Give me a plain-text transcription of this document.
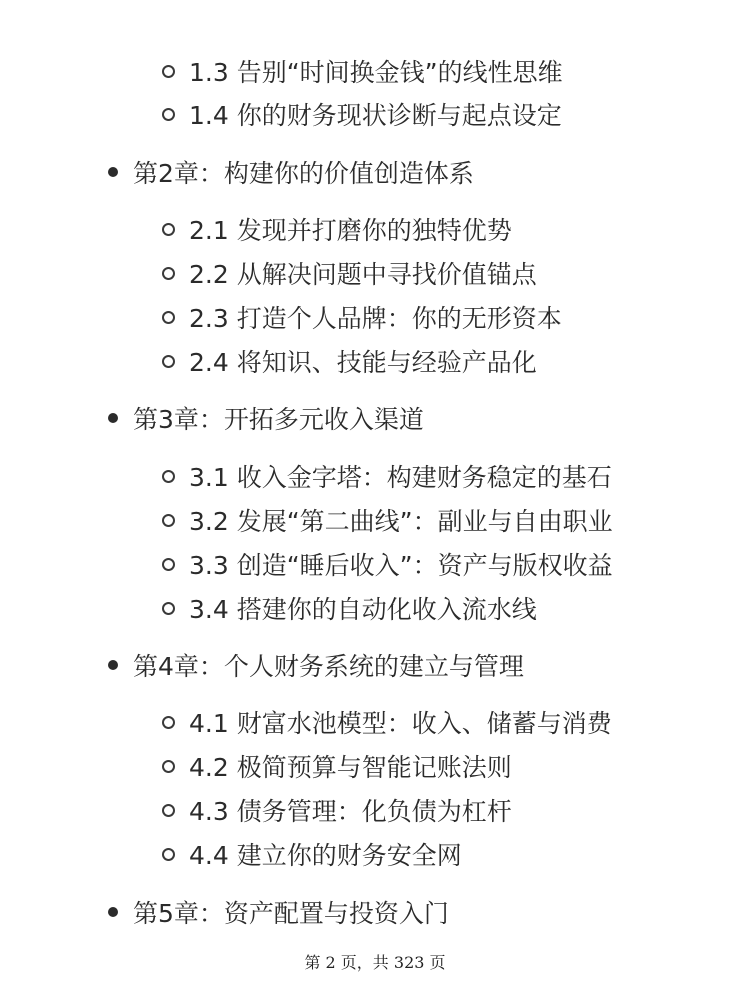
1.3 告别“时间换金钱”的线性思维
1.4 你的财务现状诊断与起点设定
第2章：构建你的价值创造体系
2.1 发现并打磨你的独特优势
2.2 从解决问题中寻找价值锚点
2.3 打造个人品牌：你的无形资本
2.4 将知识、技能与经验产品化
第3章：开拓多元收入渠道
3.1 收入金字塔：构建财务稳定的基石
3.2 发展“第二曲线”：副业与自由职业
3.3 创造“睡后收入”：资产与版权收益
3.4 搭建你的自动化收入流水线
第4章：个人财务系统的建立与管理
4.1 财富水池模型：收入、储蓄与消费
4.2 极简预算与智能记账法则
4.3 债务管理：化负债为杠杆
4.4 建立你的财务安全网
第5章：资产配置与投资入门
第 2 页，共 323 页
